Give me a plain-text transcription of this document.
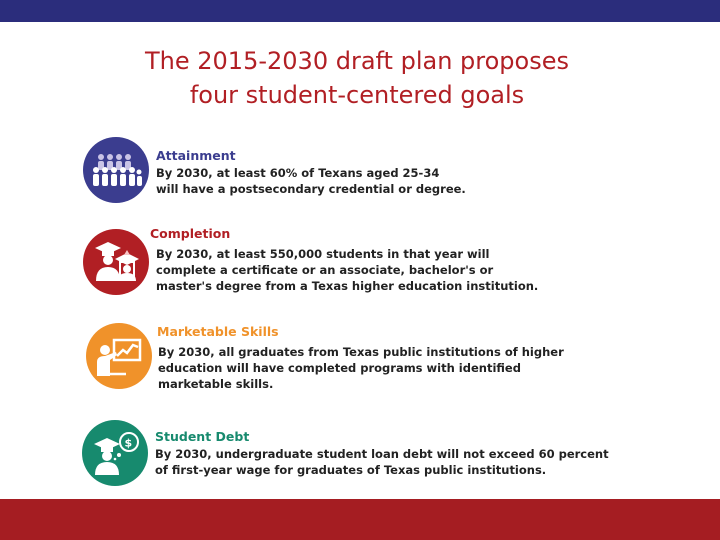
The 2015-2030 draft plan proposes
four student-centered goals
Attainment
By 2030, at least 60% of Texans aged 25-34
will have a postsecondary credential or degree.
Completion
By 2030, at least 550,000 students in that year will
complete a certificate or an associate, bachelor's or
master's degree from a Texas higher education institution.
Marketable Skills
By 2030, all graduates from Texas public institutions of higher
education will have completed programs with identified
marketable skills.
$ Student Debt
By 2030, undergraduate student loan debt will not exceed 60 percent
of first-year wage for graduates of Texas public institutions.
